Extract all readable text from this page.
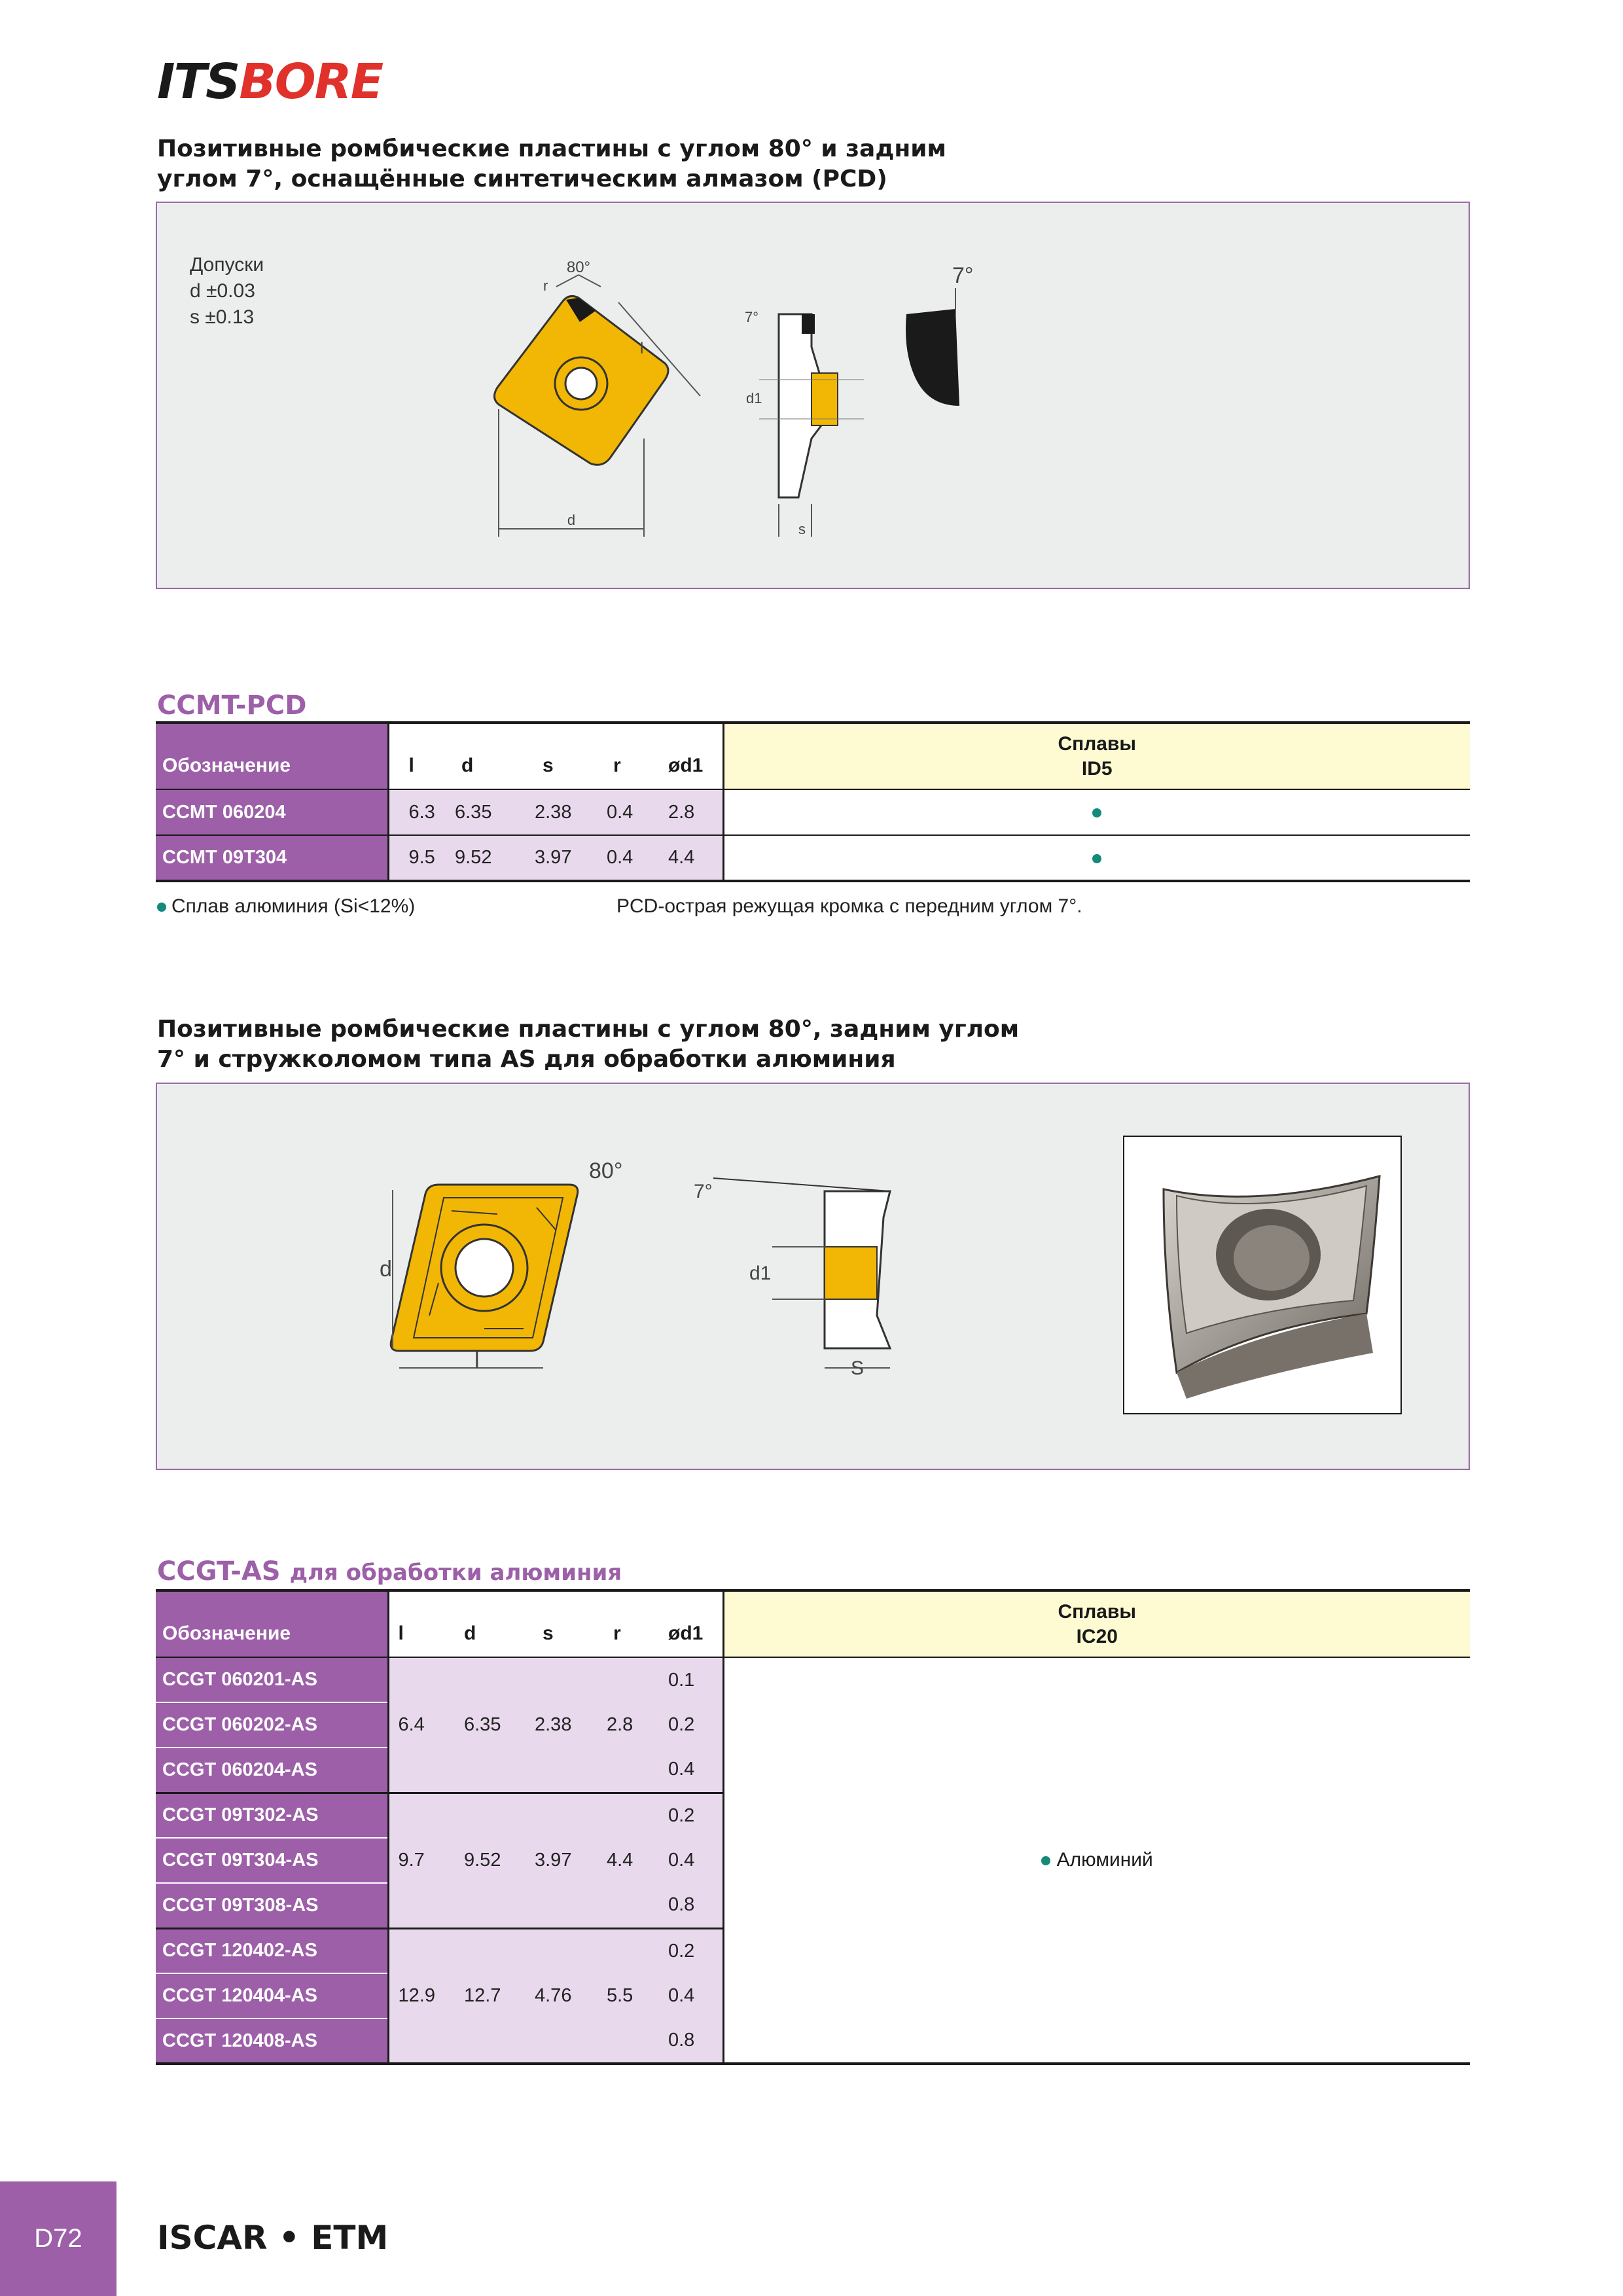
ITSBORE
Позитивные ромбические пластины с углом 80° и задним
углом 7°, оснащённые синтетическим алмазом (PCD)
Допуски
d ±0.03
s ±0.13
80°
r
l
d
d1
7°
s
7°
CCMT-PCD
Обозначение	l	d	s	r	ød1	Сплавы
ID5

CCMT 060204	6.3	6.35	2.38	0.4	2.8	
CCMT 09T304	9.5	9.52	3.97	0.4	4.4	
Сплав алюминия (Si<12%)	PCD-острая режущая кромка с передним углом 7°.
Позитивные ромбические пластины с углом 80°, задним углом
7° и стружколомом типа AS для обработки алюминия
d
l
80°
7°
d1
S
CCGT-AS для обработки алюминия
Обозначение	l	d	s	r	ød1	Сплавы
IC20

CCGT 060201-AS	6.4	6.35	2.38	2.8	0.1	Алюминий
CCGT 060202-AS					0.2	
CCGT 060204-AS					0.4	
CCGT 09T302-AS	9.7	9.52	3.97	4.4	0.2	
CCGT 09T304-AS					0.4	
CCGT 09T308-AS					0.8	
CCGT 120402-AS	12.9	12.7	4.76	5.5	0.2	
CCGT 120404-AS					0.4	
CCGT 120408-AS					0.8	
D72	ISCAR • ETM
